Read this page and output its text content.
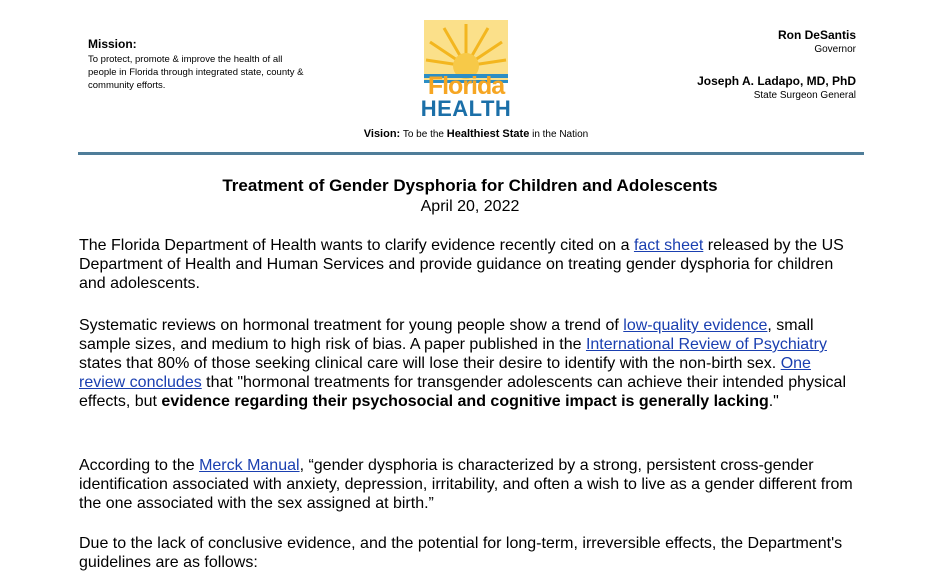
Mission:
To protect, promote & improve the health of all people in Florida through integrated state, county & community efforts.	Florida
HEALTH
Ron DeSantis
Governor
Joseph A. Ladapo, MD, PhD
State Surgeon General
Vision: To be the Healthiest State in the Nation
Treatment of Gender Dysphoria for Children and Adolescents
April 20, 2022
The Florida Department of Health wants to clarify evidence recently cited on a fact sheet released by the US Department of Health and Human Services and provide guidance on treating gender dysphoria for children and adolescents.
Systematic reviews on hormonal treatment for young people show a trend of low-quality evidence, small sample sizes, and medium to high risk of bias. A paper published in the International Review of Psychiatry states that 80% of those seeking clinical care will lose their desire to identify with the non-birth sex. One review concludes that "hormonal treatments for transgender adolescents can achieve their intended physical effects, but evidence regarding their psychosocial and cognitive impact is generally lacking."
According to the Merck Manual, “gender dysphoria is characterized by a strong, persistent cross-gender identification associated with anxiety, depression, irritability, and often a wish to live as a gender different from the one associated with the sex assigned at birth.”
Due to the lack of conclusive evidence, and the potential for long-term, irreversible effects, the Department's guidelines are as follows:
